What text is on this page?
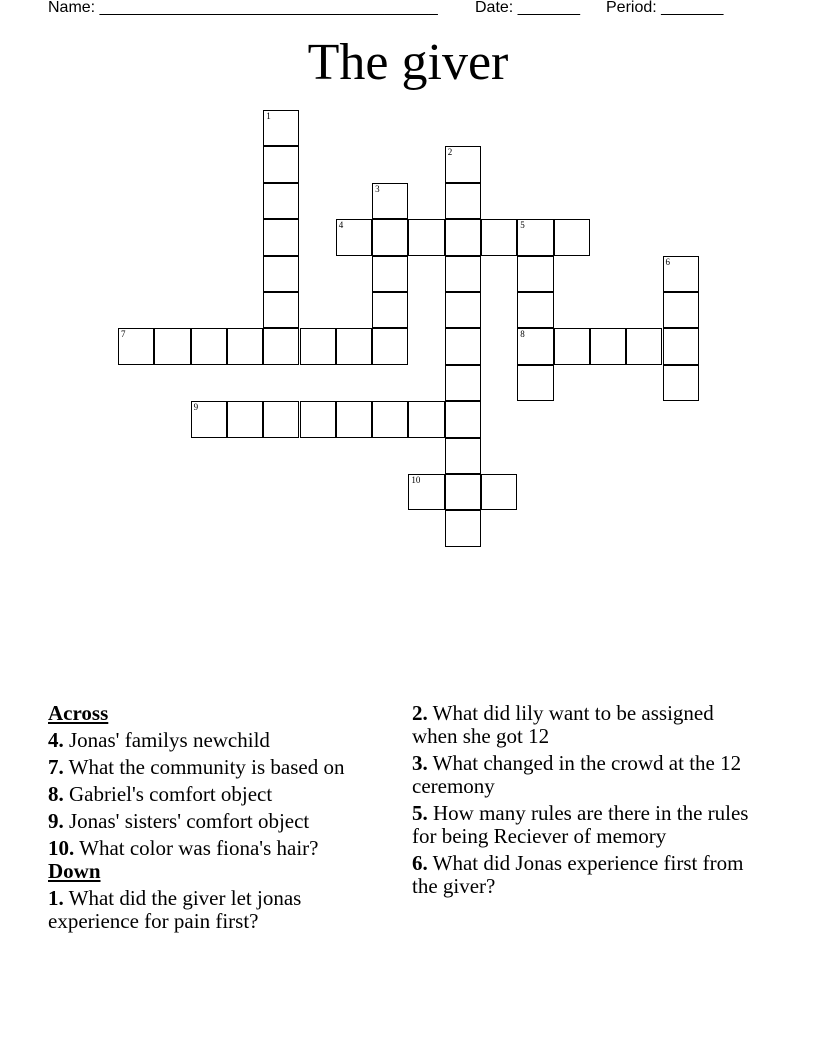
Name: ______________________________________ Date: _______ Period: _______
The giver
1
2
3
4	5
8
6
7
9
10
Across
4. Jonas' familys newchild
7. What the community is based on
8. Gabriel's comfort object
9. Jonas' sisters' comfort object
10. What color was fiona's hair?
Down
1. What did the giver let jonas experience for pain first?
2. What did lily want to be assigned when she got 12
3. What changed in the crowd at the 12 ceremony
5. How many rules are there in the rules for being Reciever of memory
6. What did Jonas experience first from the giver?
